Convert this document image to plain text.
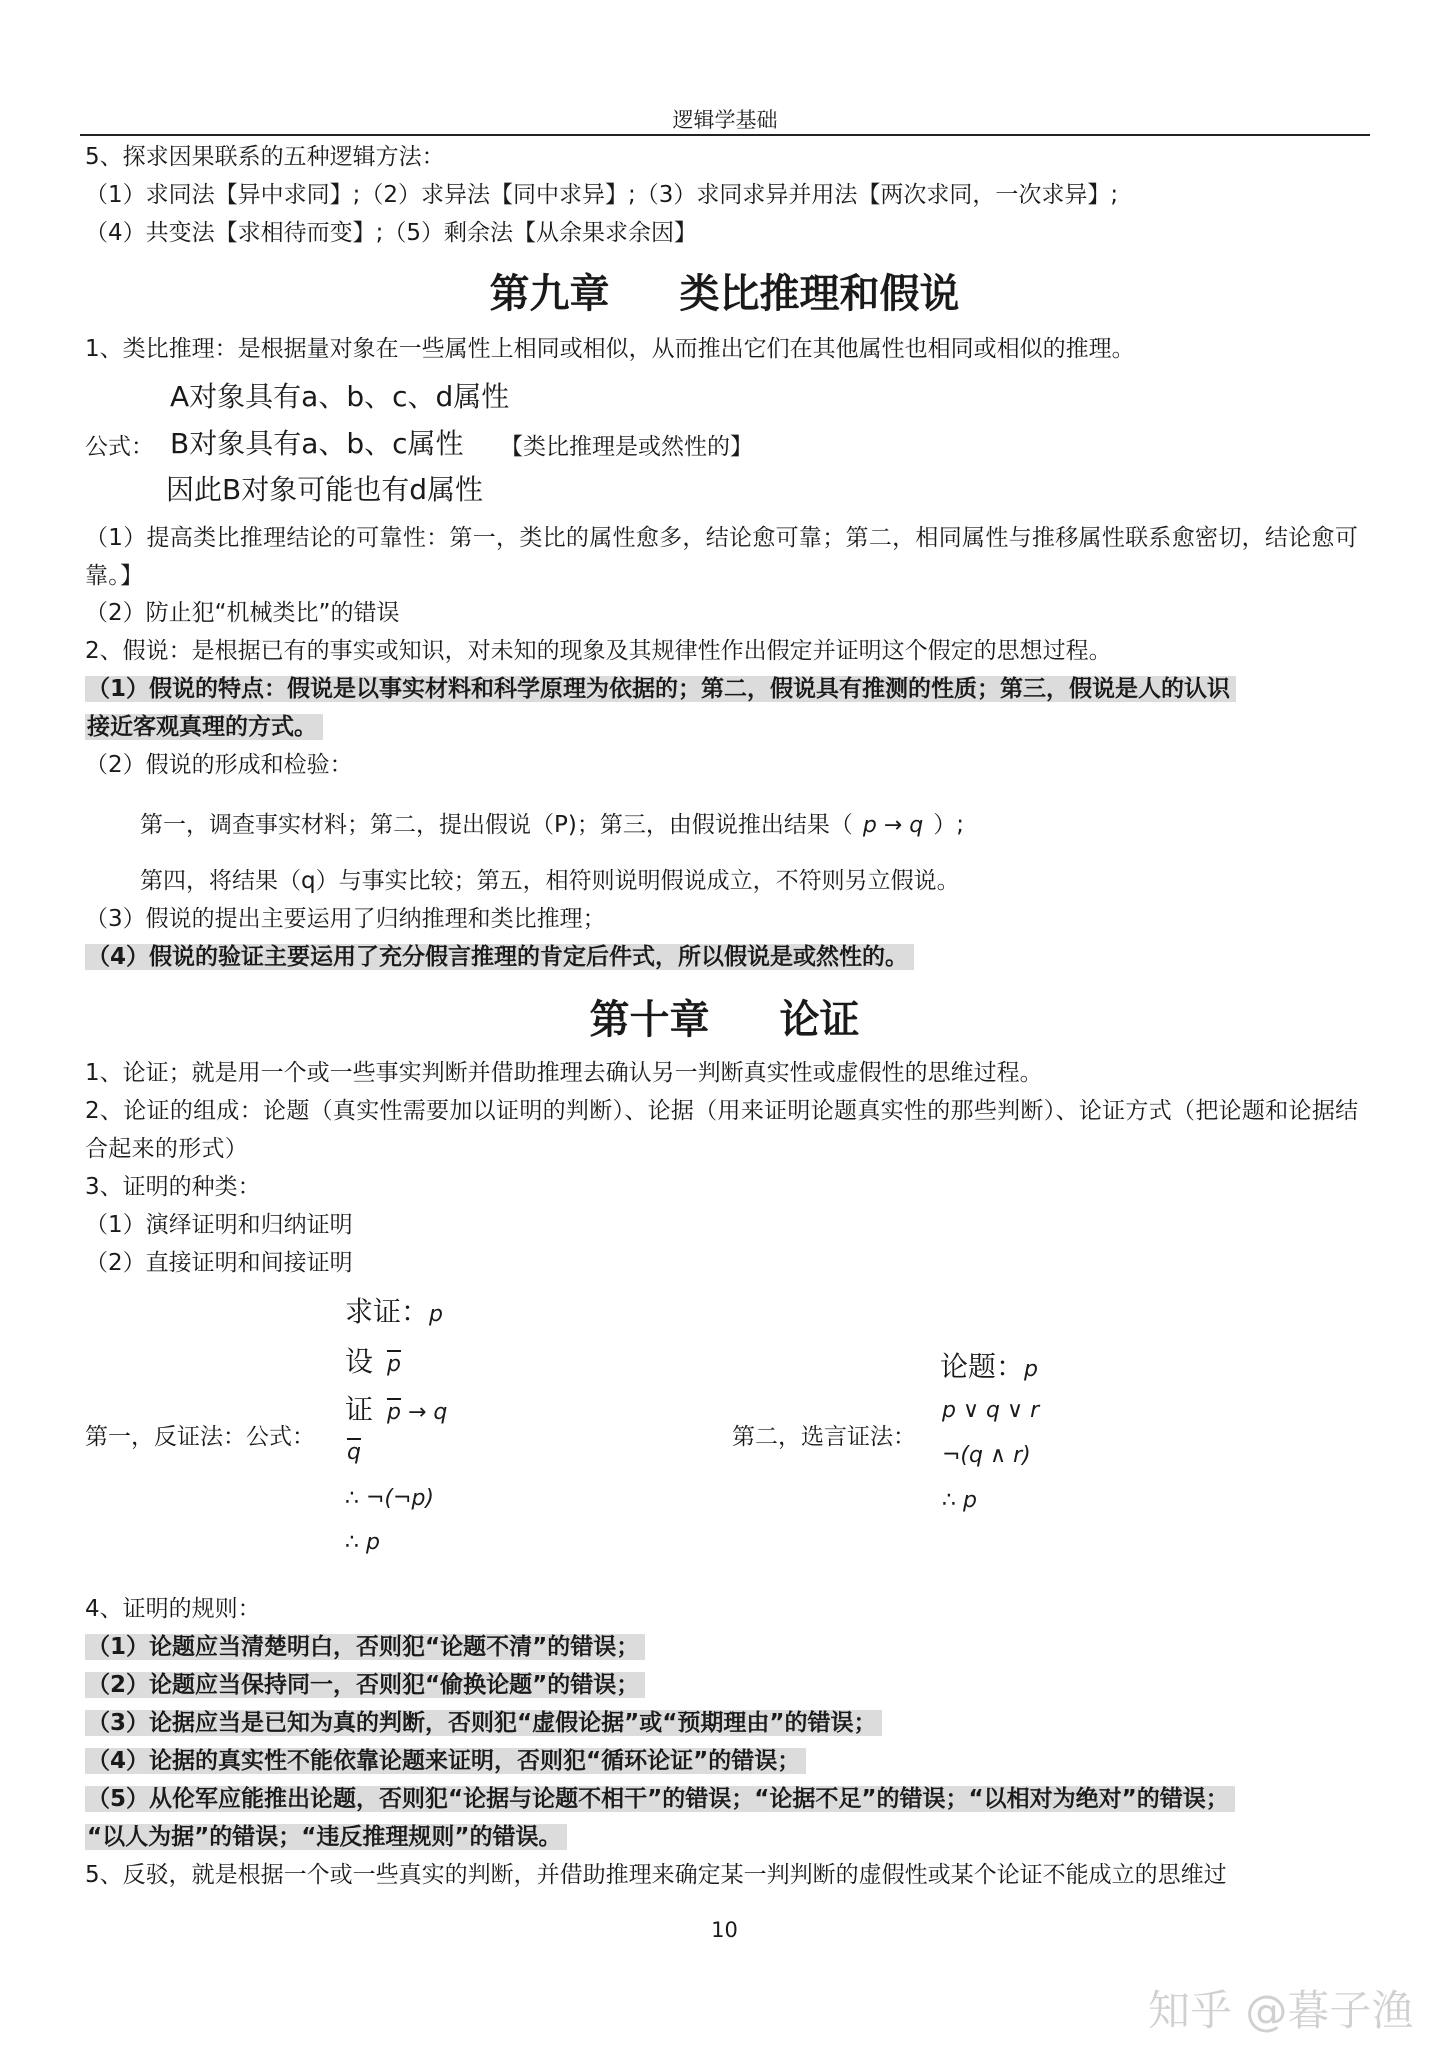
逻辑学基础
5、探求因果联系的五种逻辑方法：
（1）求同法【异中求同】;（2）求异法【同中求异】;（3）求同求异并用法【两次求同，一次求异】;
（4）共变法【求相待而变】;（5）剩余法【从余果求余因】
第九章 类比推理和假说
1、类比推理：是根据量对象在一些属性上相同或相似，从而推出它们在其他属性也相同或相似的推理。
A对象具有a、b、c、d属性
公式： B对象具有a、b、c属性 【类比推理是或然性的】
因此B对象可能也有d属性
（1）提高类比推理结论的可靠性：第一，类比的属性愈多，结论愈可靠；第二，相同属性与推移属性联系愈密切，结论愈可靠。】
（2）防止犯“机械类比”的错误
2、假说：是根据已有的事实或知识，对未知的现象及其规律性作出假定并证明这个假定的思想过程。
（1）假说的特点：假说是以事实材料和科学原理为依据的；第二，假说具有推测的性质；第三，假说是人的认识
接近客观真理的方式。
（2）假说的形成和检验：
第一，调查事实材料；第二，提出假说（P)；第三，由假说推出结果（ p → q ）;
第四，将结果（q）与事实比较；第五，相符则说明假说成立，不符则另立假说。
（3）假说的提出主要运用了归纳推理和类比推理；
（4）假说的验证主要运用了充分假言推理的肯定后件式，所以假说是或然性的。
第十章 论证
1、论证；就是用一个或一些事实判断并借助推理去确认另一判断真实性或虚假性的思维过程。
2、论证的组成：论题（真实性需要加以证明的判断）、论据（用来证明论题真实性的那些判断）、论证方式（把论题和论据结合起来的形式）
3、证明的种类：
（1）演绎证明和归纳证明
（2）直接证明和间接证明
第一，反证法：公式：
求证：p
设 $\overline{p}$
证 $\overline{p} \to q$
$\overline{q}$
∴ ¬(¬p)
∴ p
第二，选言证法：
论题：p
p ∨ q ∨ r
¬(q ∧ r)
∴ p
4、证明的规则：
（1）论题应当清楚明白，否则犯“论题不清”的错误；
（2）论题应当保持同一，否则犯“偷换论题”的错误；
（3）论据应当是已知为真的判断，否则犯“虚假论据”或“预期理由”的错误；
（4）论据的真实性不能依靠论题来证明，否则犯“循环论证”的错误；
（5）从伦军应能推出论题，否则犯“论据与论题不相干”的错误；“论据不足”的错误；“以相对为绝对”的错误；
“以人为据”的错误；“违反推理规则”的错误。
5、反驳，就是根据一个或一些真实的判断，并借助推理来确定某一判判断的虚假性或某个论证不能成立的思维过
10
知乎 @暮子渔
